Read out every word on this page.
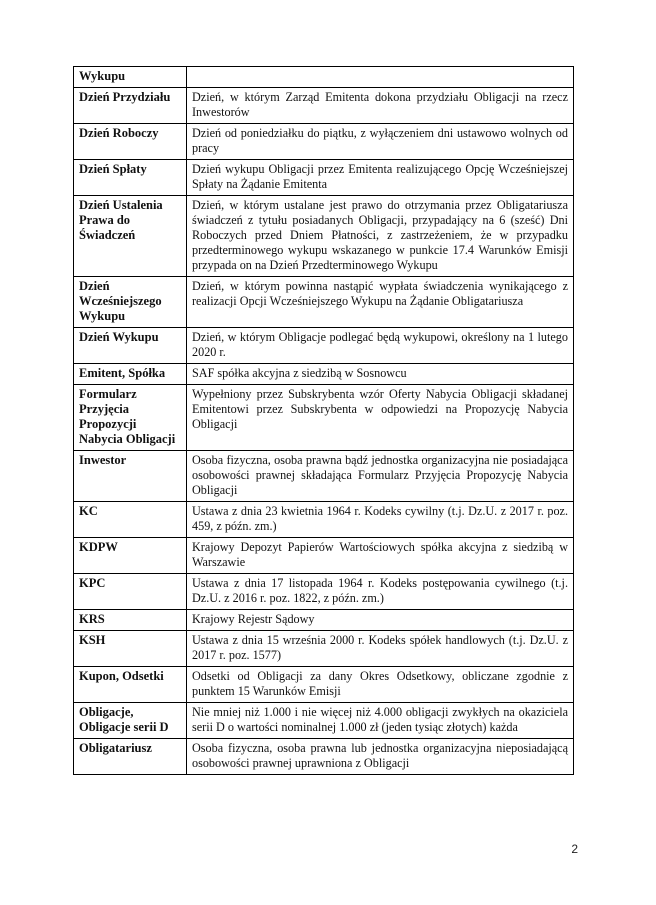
Wykupu	
Dzień Przydziału	Dzień, w którym Zarząd Emitenta dokona przydziału Obligacji na rzecz Inwestorów
Dzień Roboczy	Dzień od poniedziałku do piątku, z wyłączeniem dni ustawowo wolnych od pracy
Dzień Spłaty	Dzień wykupu Obligacji przez Emitenta realizującego Opcję Wcześniejszej Spłaty na Żądanie Emitenta
Dzień Ustalenia Prawa do Świadczeń	Dzień, w którym ustalane jest prawo do otrzymania przez Obligatariusza świadczeń z tytułu posiadanych Obligacji, przypadający na 6 (sześć) Dni Roboczych przed Dniem Płatności, z zastrzeżeniem, że w przypadku przedterminowego wykupu wskazanego w punkcie 17.4 Warunków Emisji przypada on na Dzień Przedterminowego Wykupu
Dzień Wcześniejszego Wykupu	Dzień, w którym powinna nastąpić wypłata świadczenia wynikającego z realizacji Opcji Wcześniejszego Wykupu na Żądanie Obligatariusza
Dzień Wykupu	Dzień, w którym Obligacje podlegać będą wykupowi, określony na 1 lutego 2020 r.
Emitent, Spółka	SAF spółka akcyjna z siedzibą w Sosnowcu
Formularz Przyjęcia Propozycji Nabycia Obligacji	Wypełniony przez Subskrybenta wzór Oferty Nabycia Obligacji składanej Emitentowi przez Subskrybenta w odpowiedzi na Propozycję Nabycia Obligacji
Inwestor	Osoba fizyczna, osoba prawna bądź jednostka organizacyjna nie posiadająca osobowości prawnej składająca Formularz Przyjęcia Propozycję Nabycia Obligacji
KC	Ustawa z dnia 23 kwietnia 1964 r. Kodeks cywilny (t.j. Dz.U. z 2017 r. poz. 459, z późn. zm.)
KDPW	Krajowy Depozyt Papierów Wartościowych spółka akcyjna z siedzibą w Warszawie
KPC	Ustawa z dnia 17 listopada 1964 r. Kodeks postępowania cywilnego (t.j. Dz.U. z 2016 r. poz. 1822, z późn. zm.)
KRS	Krajowy Rejestr Sądowy
KSH	Ustawa z dnia 15 września 2000 r. Kodeks spółek handlowych (t.j. Dz.U. z 2017 r. poz. 1577)
Kupon, Odsetki	Odsetki od Obligacji za dany Okres Odsetkowy, obliczane zgodnie z punktem 15 Warunków Emisji
Obligacje, Obligacje serii D	Nie mniej niż 1.000 i nie więcej niż 4.000 obligacji zwykłych na okaziciela serii D o wartości nominalnej 1.000 zł (jeden tysiąc złotych) każda
Obligatariusz	Osoba fizyczna, osoba prawna lub jednostka organizacyjna nieposiadającą osobowości prawnej uprawniona z Obligacji
2
